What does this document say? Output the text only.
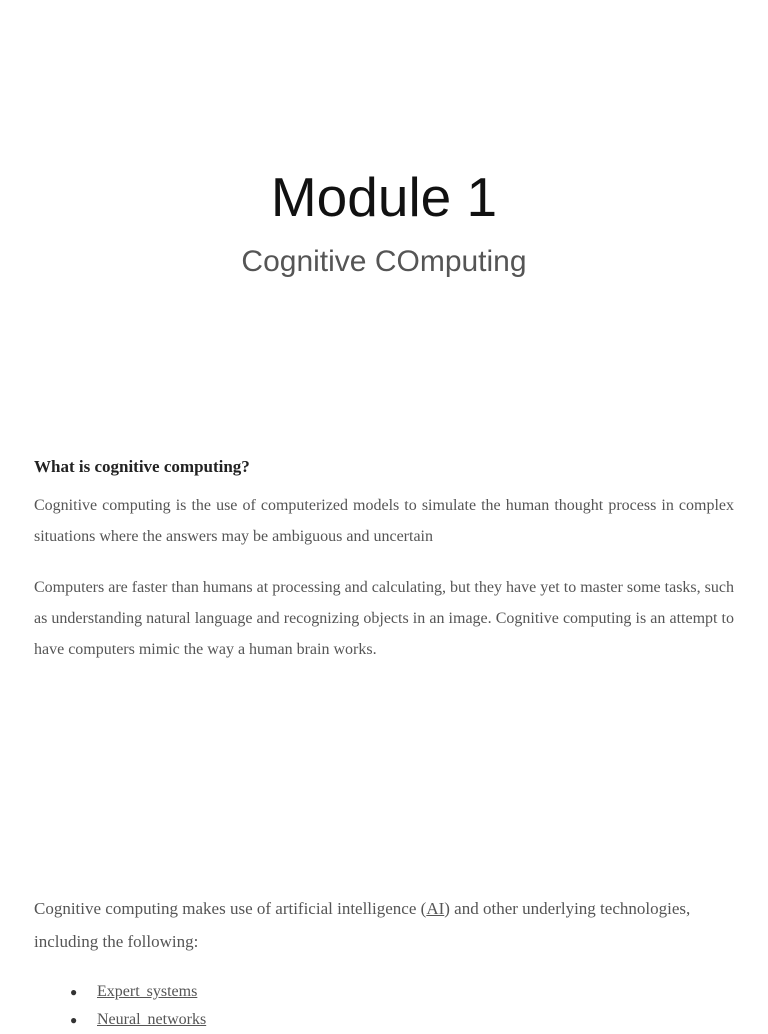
Module 1
Cognitive COmputing
What is cognitive computing?

Cognitive computing is the use of computerized models to simulate the human thought process in complex situations where the answers may be ambiguous and uncertain

Computers are faster than humans at processing and calculating, but they have yet to master some tasks, such as understanding natural language and recognizing objects in an image. Cognitive computing is an attempt to have computers mimic the way a human brain works.

Cognitive computing makes use of artificial intelligence (AI) and other underlying technologies, including the following:

● Expert systems
● Neural networks
